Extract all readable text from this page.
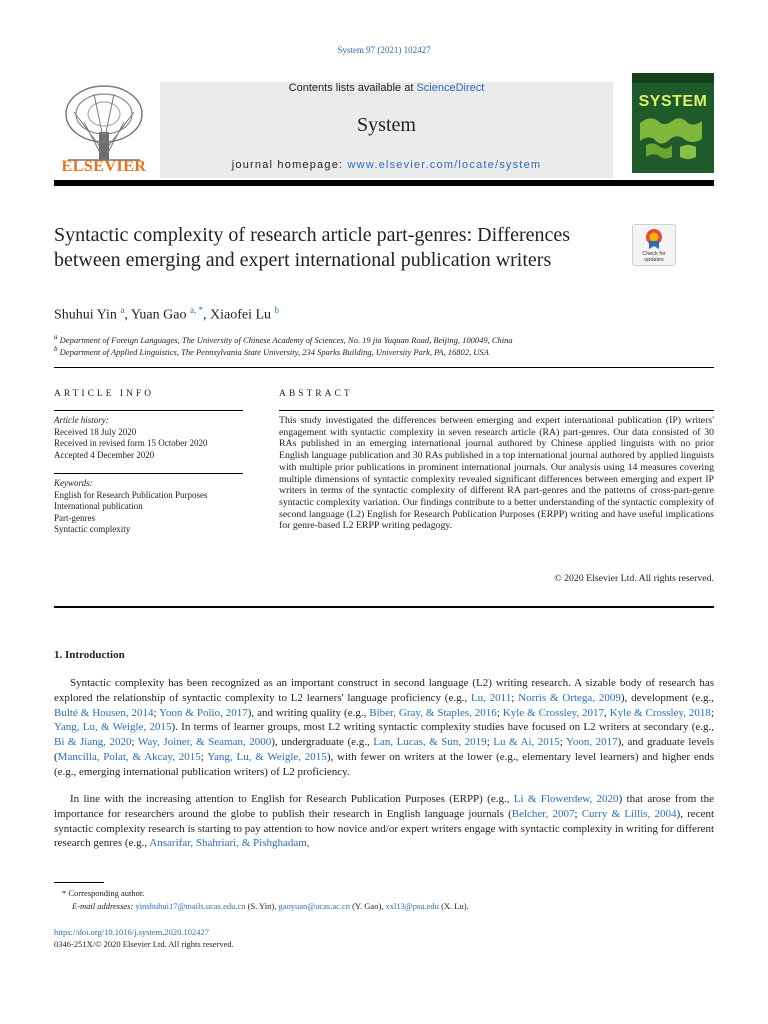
System 97 (2021) 102427
ELSEVIER
Contents lists available at ScienceDirect
System
journal homepage: www.elsevier.com/locate/system
SYSTEM
Syntactic complexity of research article part-genres: Differences between emerging and expert international publication writers	Check for
updates
Shuhui Yin $^a$, Yuan Gao $^{a, *}$, Xiaofei Lu $^b$
$^a$ Department of Foreign Languages, The University of Chinese Academy of Sciences, No. 19 jia Yuquan Road, Beijing, 100049, China
$^b$ Department of Applied Linguistics, The Pennsylvania State University, 234 Sparks Building, University Park, PA, 16802, USA
ARTICLE INFO	ABSTRACT
Article history:
Received 18 July 2020
Received in revised form 15 October 2020
Accepted 4 December 2020
Keywords:
English for Research Publication Purposes
International publication
Part-genres
Syntactic complexity
This study investigated the differences between emerging and expert international publication (IP) writers' engagement with syntactic complexity in seven research article (RA) part-genres. Our data consisted of 30 RAs published in an emerging international journal authored by Chinese applied linguists with no prior English language publication and 30 RAs published in a top international journal authored by applied linguists with multiple prior publications in prominent international journals. Our analysis using 14 measures covering multiple dimensions of syntactic complexity revealed significant differences between emerging and expert IP writers in terms of the syntactic complexity of different RA part-genres and the patterns of cross-part-genre syntactic complexity variation. Our findings contribute to a better understanding of the syntactic complexity of second language (L2) English for Research Publication Purposes (ERPP) writing and have useful implications for genre-based L2 ERPP writing pedagogy.
© 2020 Elsevier Ltd. All rights reserved.
1. Introduction
Syntactic complexity has been recognized as an important construct in second language (L2) writing research. A sizable body of research has explored the relationship of syntactic complexity to L2 learners' language proficiency (e.g., Lu, 2011; Norris & Ortega, 2009), development (e.g., Bulté & Housen, 2014; Yoon & Polio, 2017), and writing quality (e.g., Biber, Gray, & Staples, 2016; Kyle & Crossley, 2017, Kyle & Crossley, 2018; Yang, Lu, & Weigle, 2015). In terms of learner groups, most L2 writing syntactic complexity studies have focused on L2 writers at secondary (e.g., Bi & Jiang, 2020; Way, Joiner, & Seaman, 2000), undergraduate (e.g., Lan, Lucas, & Sun, 2019; Lu & Ai, 2015; Yoon, 2017), and graduate levels (Mancilla, Polat, & Akcay, 2015; Yang, Lu, & Weigle, 2015), with fewer on writers at the lower (e.g., elementary level learners) and higher ends (e.g., emerging international publication writers) of L2 proficiency.
In line with the increasing attention to English for Research Publication Purposes (ERPP) (e.g., Li & Flowerdew, 2020) that arose from the importance for researchers around the globe to publish their research in English language journals (Belcher, 2007; Curry & Lillis, 2004), recent syntactic complexity research is starting to pay attention to how novice and/or expert writers engage with syntactic complexity in writing for different research genres (e.g., Ansarifar, Shahriari, & Pishghadam,
* Corresponding author.
E-mail addresses: yinshuhui17@mails.ucas.edu.cn (S. Yin), gaoyuan@ucas.ac.cn (Y. Gao), xxl13@psu.edu (X. Lu).
https://doi.org/10.1016/j.system.2020.102427
0346-251X/© 2020 Elsevier Ltd. All rights reserved.
